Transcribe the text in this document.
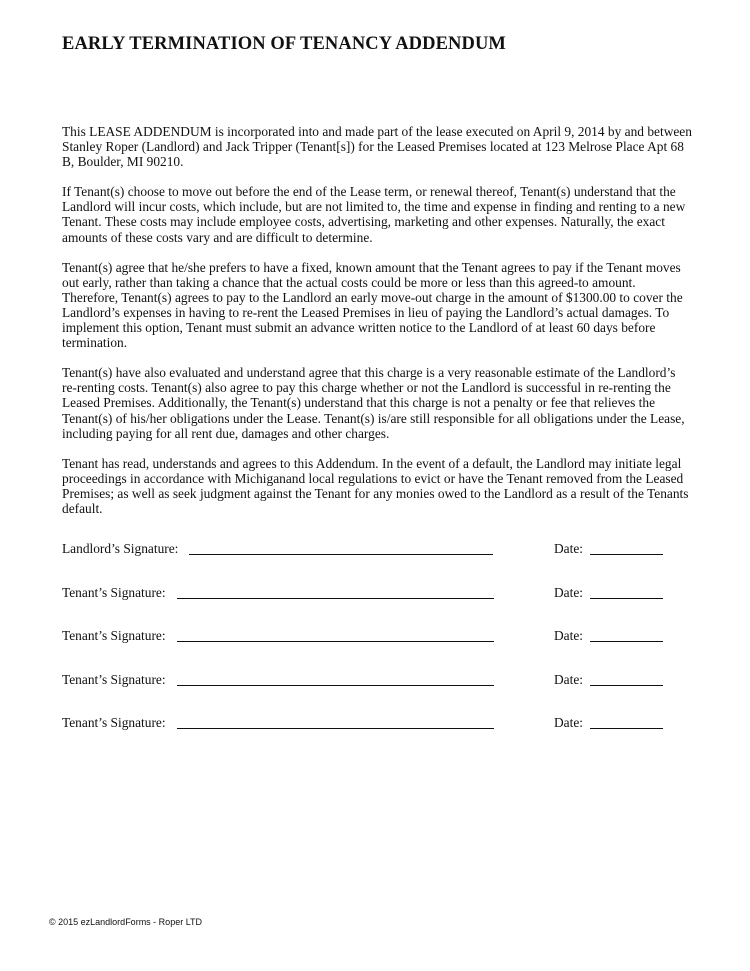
EARLY TERMINATION OF TENANCY ADDENDUM

This LEASE ADDENDUM is incorporated into and made part of the lease executed on April 9, 2014 by and between Stanley Roper (Landlord) and Jack Tripper (Tenant[s]) for the Leased Premises located at 123 Melrose Place Apt 68 B, Boulder, MI 90210.

If Tenant(s) choose to move out before the end of the Lease term, or renewal thereof, Tenant(s) understand that the Landlord will incur costs, which include, but are not limited to, the time and expense in finding and renting to a new Tenant. These costs may include employee costs, advertising, marketing and other expenses. Naturally, the exact amounts of these costs vary and are difficult to determine.

Tenant(s) agree that he/she prefers to have a fixed, known amount that the Tenant agrees to pay if the Tenant moves out early, rather than taking a chance that the actual costs could be more or less than this agreed-to amount. Therefore, Tenant(s) agrees to pay to the Landlord an early move-out charge in the amount of $1300.00 to cover the Landlord’s expenses in having to re-rent the Leased Premises in lieu of paying the Landlord’s actual damages. To implement this option, Tenant must submit an advance written notice to the Landlord of at least 60 days before termination.

Tenant(s) have also evaluated and understand agree that this charge is a very reasonable estimate of the Landlord’s re-renting costs. Tenant(s) also agree to pay this charge whether or not the Landlord is successful in re-renting the Leased Premises. Additionally, the Tenant(s) understand that this charge is not a penalty or fee that relieves the Tenant(s) of his/her obligations under the Lease. Tenant(s) is/are still responsible for all obligations under the Lease, including paying for all rent due, damages and other charges.

Tenant has read, understands and agrees to this Addendum. In the event of a default, the Landlord may initiate legal proceedings in accordance with Michiganand local regulations to evict or have the Tenant removed from the Leased Premises; as well as seek judgment against the Tenant for any monies owed to the Landlord as a result of the Tenants default.

Landlord’s Signature:	Date:
Tenant’s Signature:	Date:
Tenant’s Signature:	Date:
Tenant’s Signature:	Date:
Tenant’s Signature:	Date:
© 2015 ezLandlordForms - Roper LTD
